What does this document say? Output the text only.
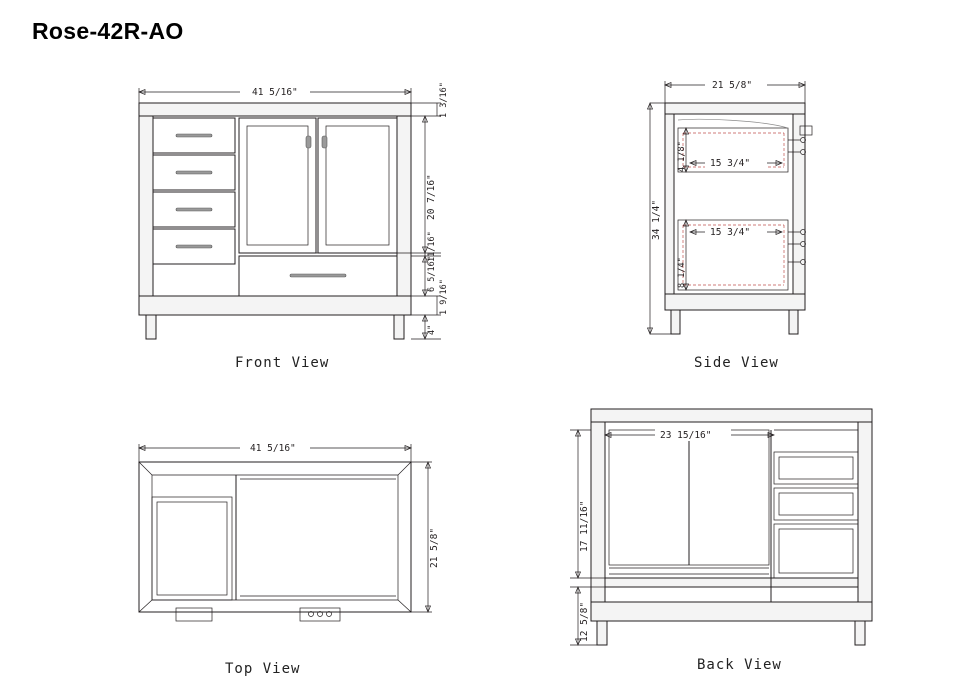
Rose-42R-AO
41 5/16"	1 3/16"
20 7/16"
11/16"
6 5/16"
1 9/16"
4"
21 5/8"
34 1/4"
4 1/8" 15 3/4"
15 3/4"
8 1/4"
41 5/16"
21 5/8"
23 15/16"
17 11/16"
12 5/8"
Front View	Side View
Top View	Back View
